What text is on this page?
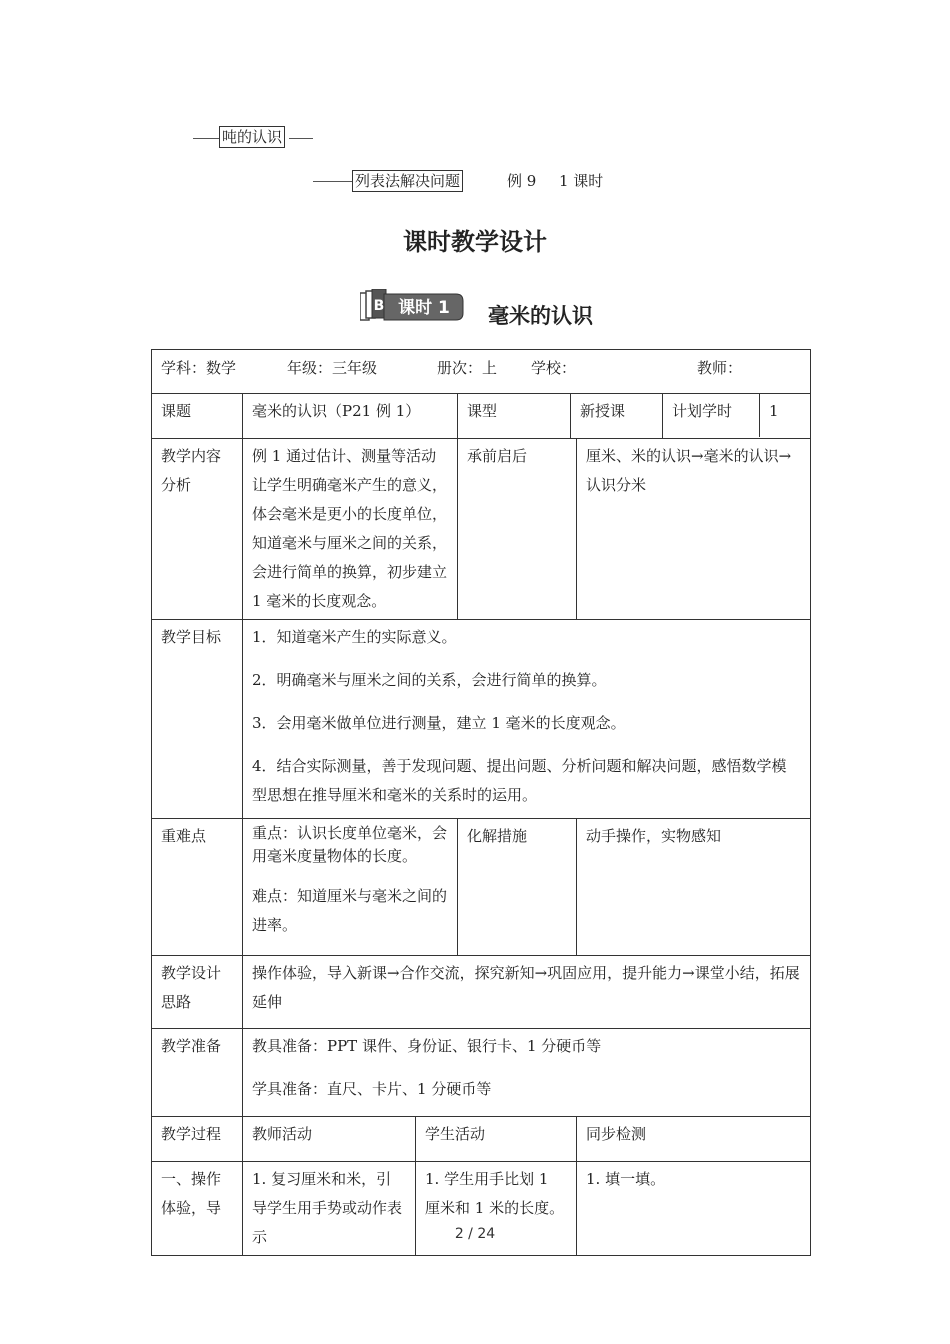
吨的认识
列表法解决问题	例 9 1 课时
课时教学设计
B 课时 1 毫米的认识
学科：数学 年级：三年级 册次：上 学校： 教师：						
课题	毫米的认识（P21 例 1）		课型	新授课		计划学时 1

教学内容分析	例 1 通过估计、测量等活动让学生明确毫米产生的意义，体会毫米是更小的长度单位，知道毫米与厘米之间的关系，会进行简单的换算，初步建立 1 毫米的长度观念。		承前启后		厘米、米的认识→毫米的认识→认识分米	
教学目标	1．知道毫米产生的实际意义。
2．明确毫米与厘米之间的关系，会进行简单的换算。
3．会用毫米做单位进行测量，建立 1 毫米的长度观念。
4．结合实际测量，善于发现问题、提出问题、分析问题和解决问题，感悟数学模型思想在推导厘米和毫米的关系时的运用。					

重难点	重点：认识长度单位毫米，会用毫米度量物体的长度。
难点：知道厘米与毫米之间的进率。		化解措施		动手操作，实物感知	
教学设计思路	操作体验，导入新课→合作交流，探究新知→巩固应用，提升能力→课堂小结，拓展延伸					
教学准备	教具准备：PPT 课件、身份证、银行卡、1 分硬币等
学具准备：直尺、卡片、1 分硬币等					

教学过程	教师活动	学生活动			同步检测	
一、操作体验，导	1. 复习厘米和米，引导学生用手势或动作表示	1. 学生用手比划 1 厘米和 1 米的长度。			1. 填一填。	
2 / 24
